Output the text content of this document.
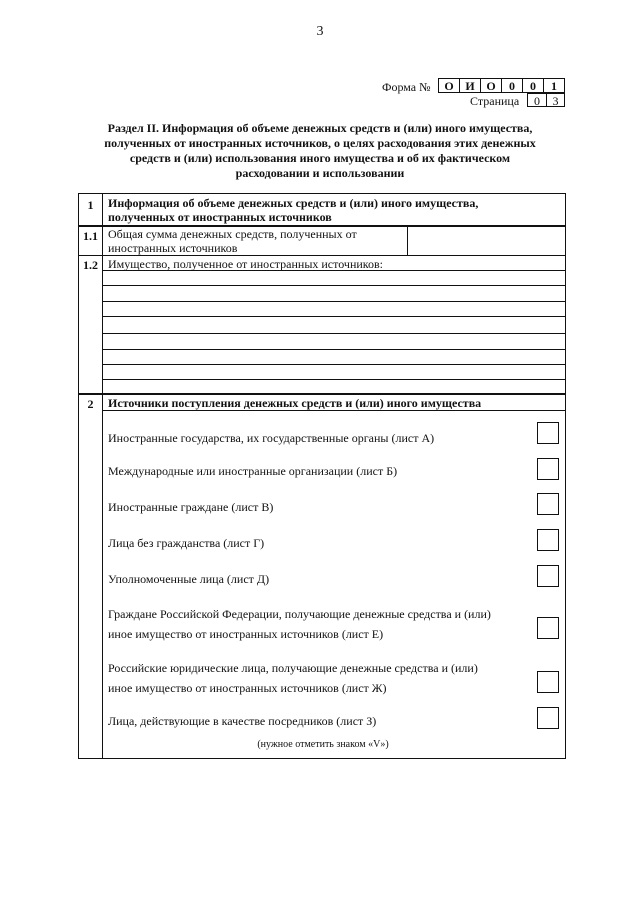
3
Форма №	О И О	0	0	1
Страница	0	3
Раздел II. Информация об объеме денежных средств и (или) иного имущества,
полученных от иностранных источников, о целях расходования этих денежных
средств и (или) использования иного имущества и об их фактическом
расходовании и использовании
1	Информация об объеме денежных средств и (или) иного имущества,
полученных от иностранных источников
1.1 Общая сумма денежных средств, полученных от
иностранных источников
1.2 Имущество, полученное от иностранных источников:
2	Источники поступления денежных средств и (или) иного имущества
Иностранные государства, их государственные органы (лист А)
Международные или иностранные организации (лист Б)
Иностранные граждане (лист В)
Лица без гражданства (лист Г)
Уполномоченные лица (лист Д)
Граждане Российской Федерации, получающие денежные средства и (или)
иное имущество от иностранных источников (лист Е)
Российские юридические лица, получающие денежные средства и (или)
иное имущество от иностранных источников (лист Ж)
Лица, действующие в качестве посредников (лист З)
(нужное отметить знаком «V»)
